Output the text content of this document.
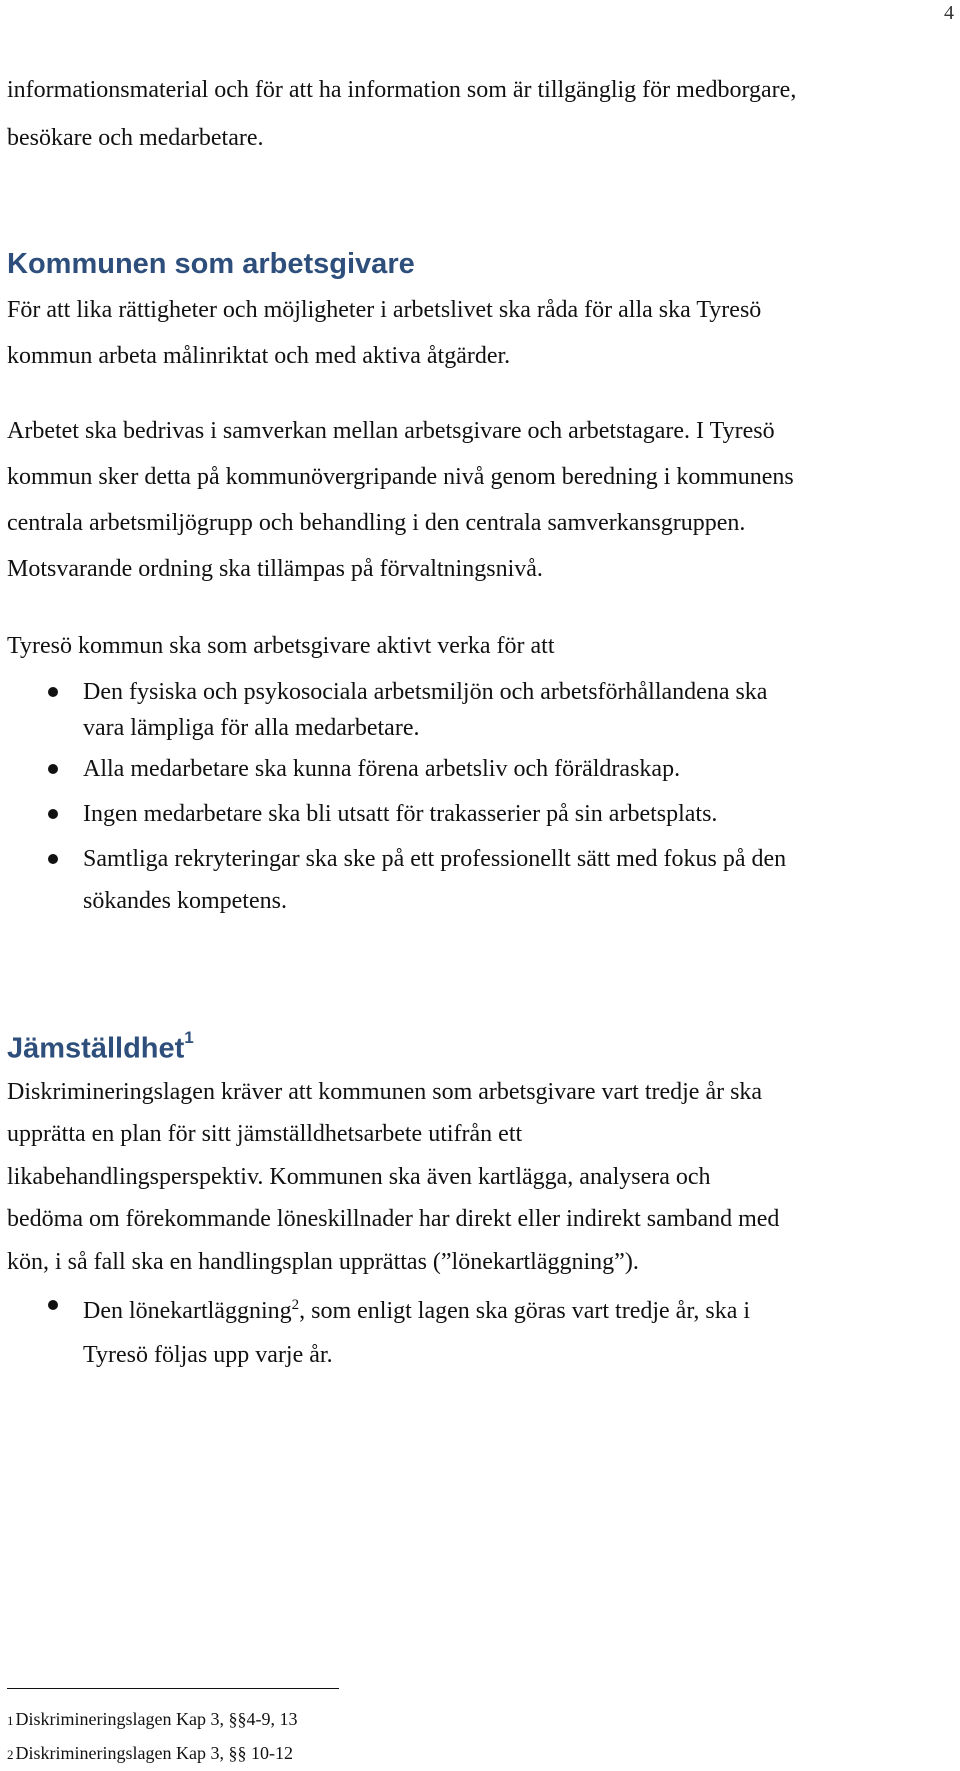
4

informationsmaterial och för att ha information som är tillgänglig för medborgare,
besökare och medarbetare.

Kommunen som arbetsgivare

För att lika rättigheter och möjligheter i arbetslivet ska råda för alla ska Tyresö
kommun arbeta målinriktat och med aktiva åtgärder.

Arbetet ska bedrivas i samverkan mellan arbetsgivare och arbetstagare. I Tyresö
kommun sker detta på kommunövergripande nivå genom beredning i kommunens
centrala arbetsmiljögrupp och behandling i den centrala samverkansgruppen.
Motsvarande ordning ska tillämpas på förvaltningsnivå.

Tyresö kommun ska som arbetsgivare aktivt verka för att

Den fysiska och psykosociala arbetsmiljön och arbetsförhållandena ska
vara lämpliga för alla medarbetare.
Alla medarbetare ska kunna förena arbetsliv och föräldraskap.
Ingen medarbetare ska bli utsatt för trakasserier på sin arbetsplats.
Samtliga rekryteringar ska ske på ett professionellt sätt med fokus på den
sökandes kompetens.
Jämställdhet$^1$

Diskrimineringslagen kräver att kommunen som arbetsgivare vart tredje år ska
upprätta en plan för sitt jämställdhetsarbete utifrån ett
likabehandlingsperspektiv. Kommunen ska även kartlägga, analysera och
bedöma om förekommande löneskillnader har direkt eller indirekt samband med
kön, i så fall ska en handlingsplan upprättas (”lönekartläggning”).

Den lönekartläggning$^2$, som enligt lagen ska göras vart tredje år, ska i
Tyresö följas upp varje år.
1 Diskrimineringslagen Kap 3, §§4-9, 13
2 Diskrimineringslagen Kap 3, §§ 10-12
